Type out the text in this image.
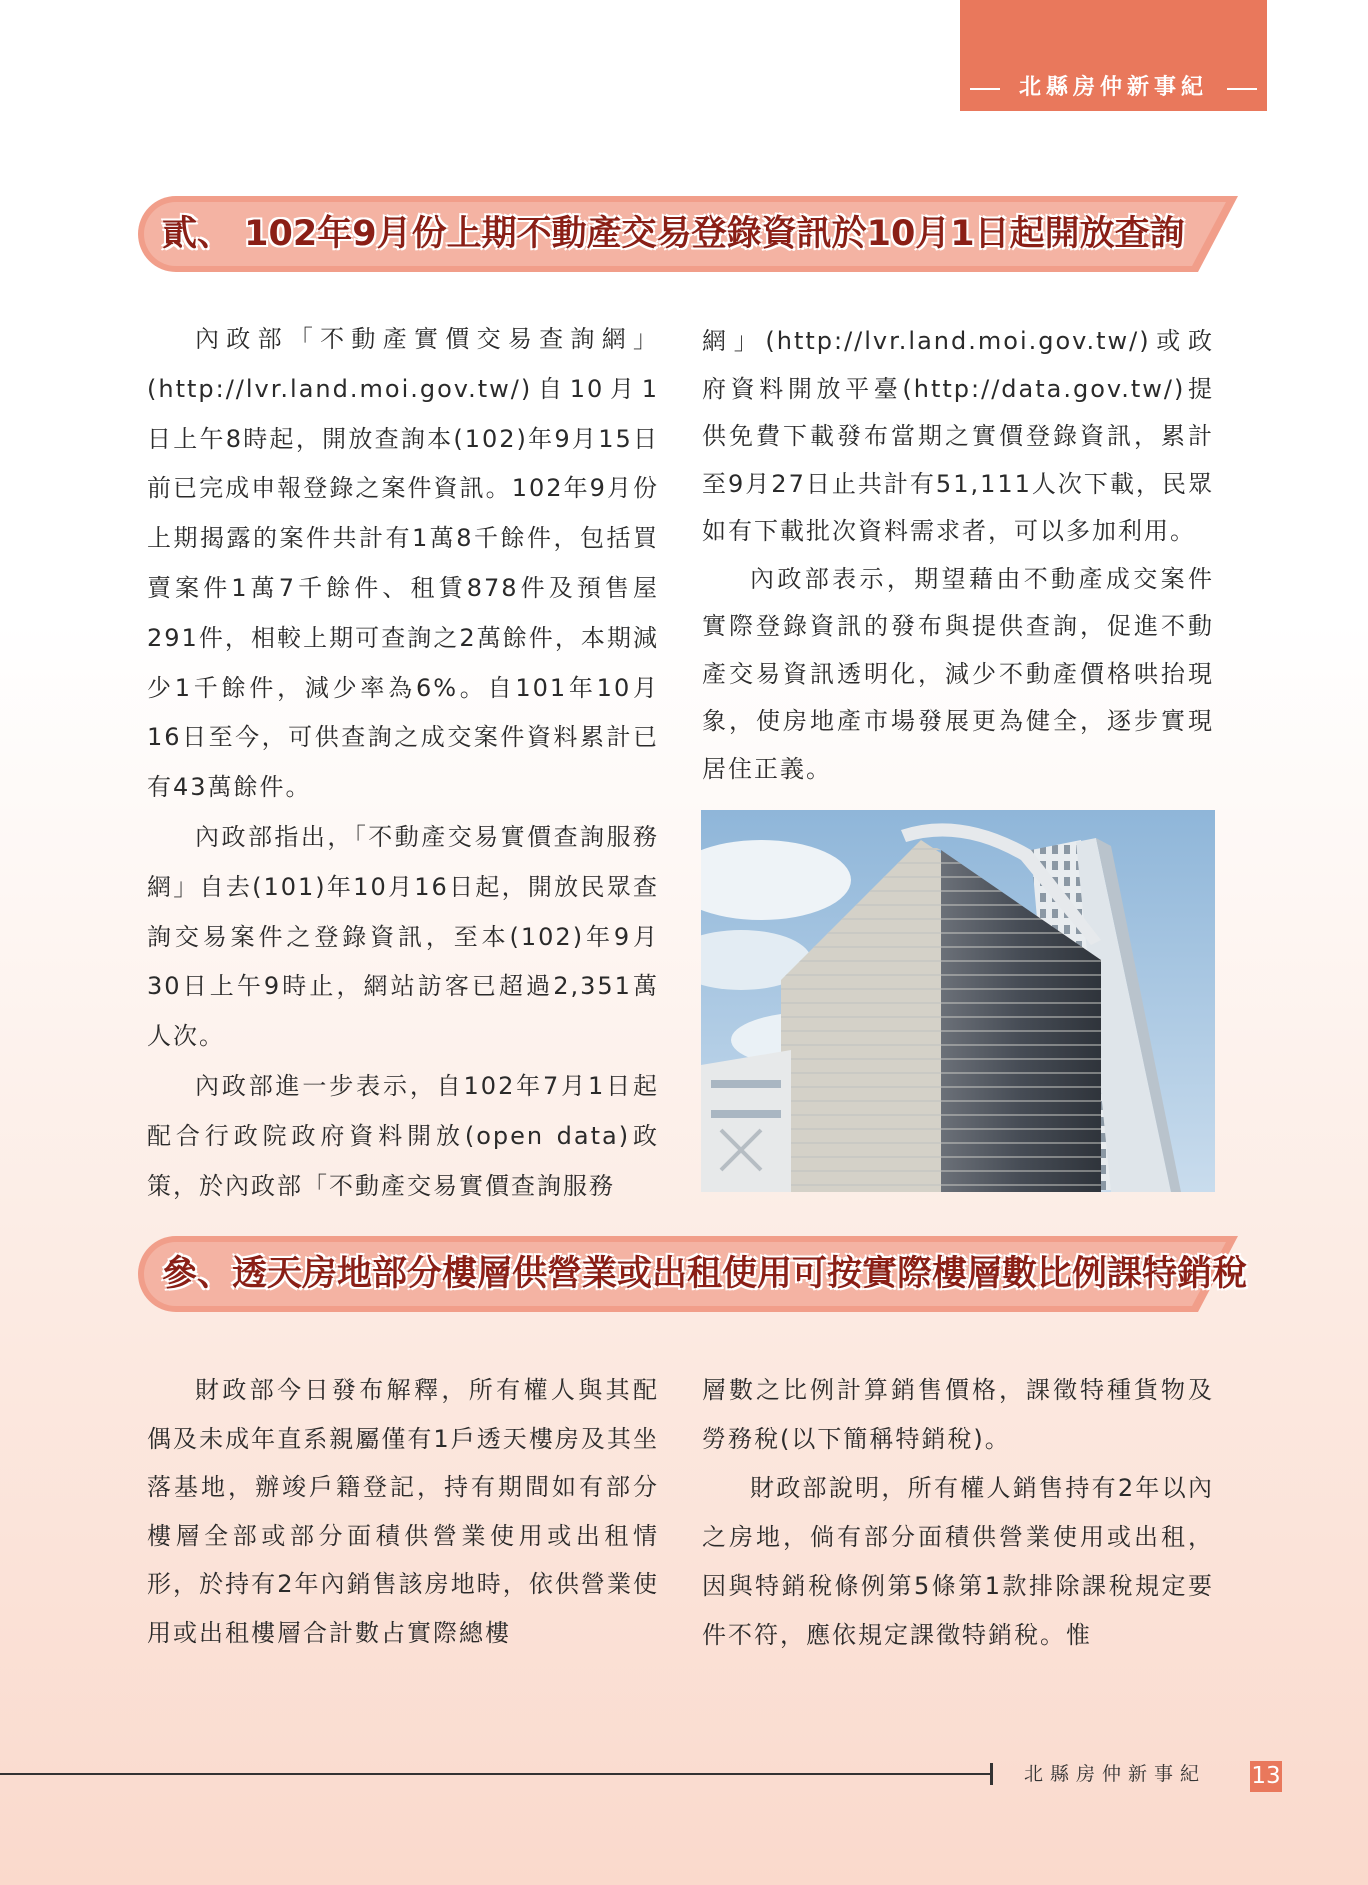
北縣房仲新事紀
貳、 102年9月份上期不動產交易登錄資訊於10月1日起開放查詢

內政部「不動產實價交易查詢網」(http://lvr.land.moi.gov.tw/)自10月1日上午8時起，開放查詢本(102)年9月15日前已完成申報登錄之案件資訊。102年9月份上期揭露的案件共計有1萬8千餘件，包括買賣案件1萬7千餘件、租賃878件及預售屋291件，相較上期可查詢之2萬餘件，本期減少1千餘件，減少率為6%。自101年10月16日至今，可供查詢之成交案件資料累計已有43萬餘件。

內政部指出，「不動產交易實價查詢服務網」自去(101)年10月16日起，開放民眾查詢交易案件之登錄資訊，至本(102)年9月30日上午9時止，網站訪客已超過2,351萬人次。

內政部進一步表示，自102年7月1日起配合行政院政府資料開放(open data)政策，於內政部「不動產交易實價查詢服務

網」(http://lvr.land.moi.gov.tw/)或政府資料開放平臺(http://data.gov.tw/)提供免費下載發布當期之實價登錄資訊，累計至9月27日止共計有51,111人次下載，民眾如有下載批次資料需求者，可以多加利用。

內政部表示，期望藉由不動產成交案件實際登錄資訊的發布與提供查詢，促進不動產交易資訊透明化，減少不動產價格哄抬現象，使房地產市場發展更為健全，逐步實現居住正義。

參、透天房地部分樓層供營業或出租使用可按實際樓層數比例課特銷稅

財政部今日發布解釋，所有權人與其配偶及未成年直系親屬僅有1戶透天樓房及其坐落基地，辦竣戶籍登記，持有期間如有部分樓層全部或部分面積供營業使用或出租情形，於持有2年內銷售該房地時，依供營業使用或出租樓層合計數占實際總樓

層數之比例計算銷售價格，課徵特種貨物及勞務稅(以下簡稱特銷稅)。

財政部說明，所有權人銷售持有2年以內之房地，倘有部分面積供營業使用或出租，因與特銷稅條例第5條第1款排除課稅規定要件不符，應依規定課徵特銷稅。惟

北縣房仲新事紀 13
